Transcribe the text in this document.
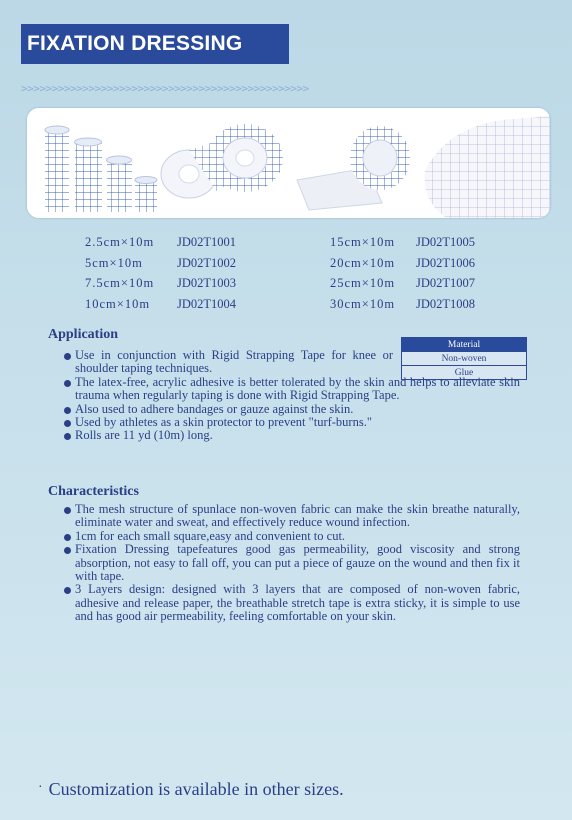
FIXATION DRESSING
>>>>>>>>>>>>>>>>>>>>>>>>>>>>>>>>>>>>>>>>>>>>>>>
2.5cm×10m JD02T1001
5cm×10m	JD02T1002
7.5cm×10m JD02T1003
10cm×10m JD02T1004
15cm×10m JD02T1005
20cm×10m JD02T1006
25cm×10m JD02T1007
30cm×10m JD02T1008
Application
Material
Non-woven
Glue
Use in conjunction with Rigid Strapping Tape for knee or shoulder taping techniques.
The latex-free, acrylic adhesive is better tolerated by the skin and helps to alleviate skin trauma when regularly taping is done with Rigid Strapping Tape.
Also used to adhere bandages or gauze against the skin.
Used by athletes as a skin protector to prevent "turf-burns."
Rolls are 11 yd (10m) long.
Characteristics
The mesh structure of spunlace non-woven fabric can make the skin breathe naturally, eliminate water and sweat, and effectively reduce wound infection.
1cm for each small square,easy and convenient to cut.
Fixation Dressing tapefeatures good gas permeability, good viscosity and strong absorption, not easy to fall off, you can put a piece of gauze on the wound and then fix it with tape.
3 Layers design: designed with 3 layers that are composed of non-woven fabric, adhesive and release paper, the breathable stretch tape is extra sticky, it is simple to use and has good air permeability, feeling comfortable on your skin.
· Customization is available in other sizes.
